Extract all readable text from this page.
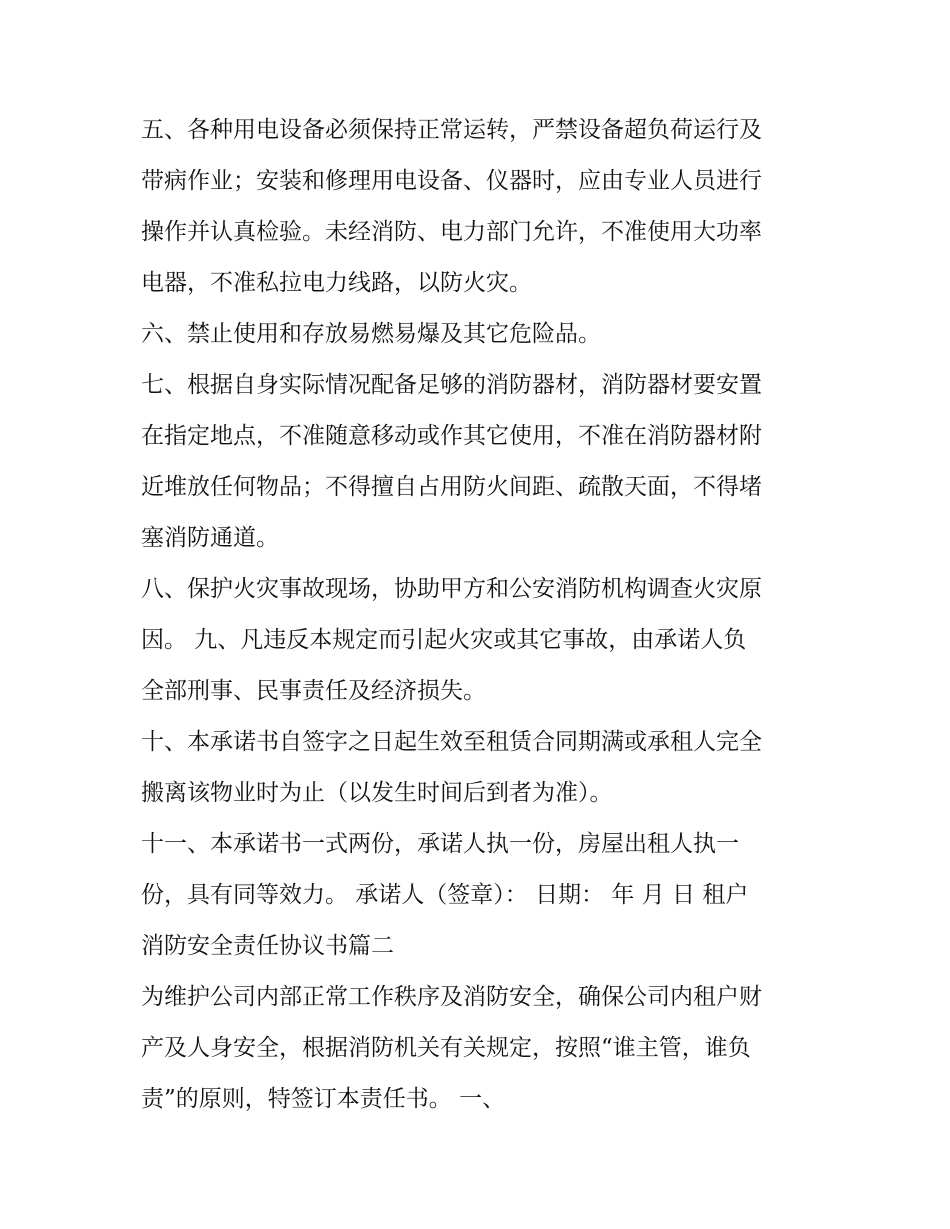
五、各种用电设备必须保持正常运转，严禁设备超负荷运行及
带病作业；安装和修理用电设备、仪器时，应由专业人员进行
操作并认真检验。未经消防、电力部门允许，不准使用大功率
电器，不准私拉电力线路，以防火灾。
六、禁止使用和存放易燃易爆及其它危险品。
七、根据自身实际情况配备足够的消防器材，消防器材要安置
在指定地点，不准随意移动或作其它使用，不准在消防器材附
近堆放任何物品；不得擅自占用防火间距、疏散天面，不得堵
塞消防通道。
八、保护火灾事故现场，协助甲方和公安消防机构调查火灾原
因。 九、凡违反本规定而引起火灾或其它事故，由承诺人负
全部刑事、民事责任及经济损失。
十、本承诺书自签字之日起生效至租赁合同期满或承租人完全
搬离该物业时为止（以发生时间后到者为准）。
十一、本承诺书一式两份，承诺人执一份，房屋出租人执一
份，具有同等效力。 承诺人（签章）： 日期： 年 月 日 租户
消防安全责任协议书篇二
为维护公司内部正常工作秩序及消防安全，确保公司内租户财
产及人身安全，根据消防机关有关规定，按照“谁主管，谁负
责”的原则，特签订本责任书。 一、
